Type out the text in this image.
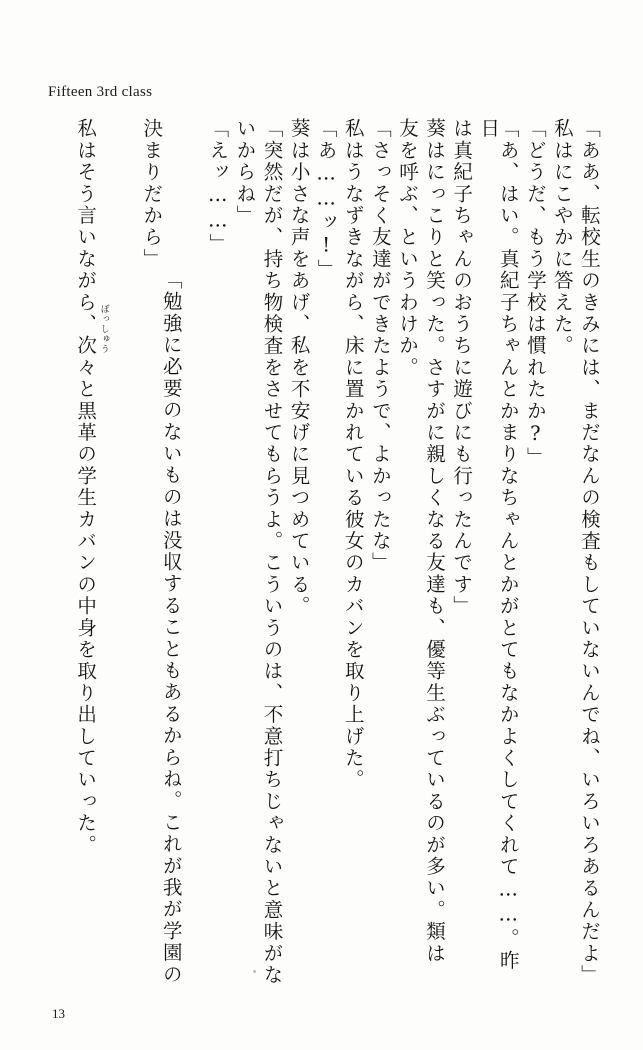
Fifteen 3rd class
「ああ、転校生のきみには、まだなんの検査もしていないんでね、いろいろあるんだよ」
私はにこやかに答えた。
「どうだ、もう学校は慣れたか?」
「あ、はい。真紀子ちゃんとかまりなちゃんとかがとてもなかよくしてくれて……。昨日
は真紀子ちゃんのおうちに遊びにも行ったんです」
葵はにっこりと笑った。さすがに親しくなる友達も、優等生ぶっているのが多い。類は
友を呼ぶ、というわけか。
「さっそく友達ができたようで、よかったな」
私はうなずきながら、床に置かれている彼女のカバンを取り上げた。
「あ……ッ!」
葵は小さな声をあげ、私を不安げに見つめている。
「突然だが、持ち物検査をさせてもらうよ。こういうのは、不意打ちじゃないと意味がな
いからね」
「えッ……」

「勉強に必要のないものは没収することもあるからね。これが我が学園の決まりだから」

ぼっしゅう

私はそう言いながら、次々と黒革の学生カバンの中身を取り出していった。
13
